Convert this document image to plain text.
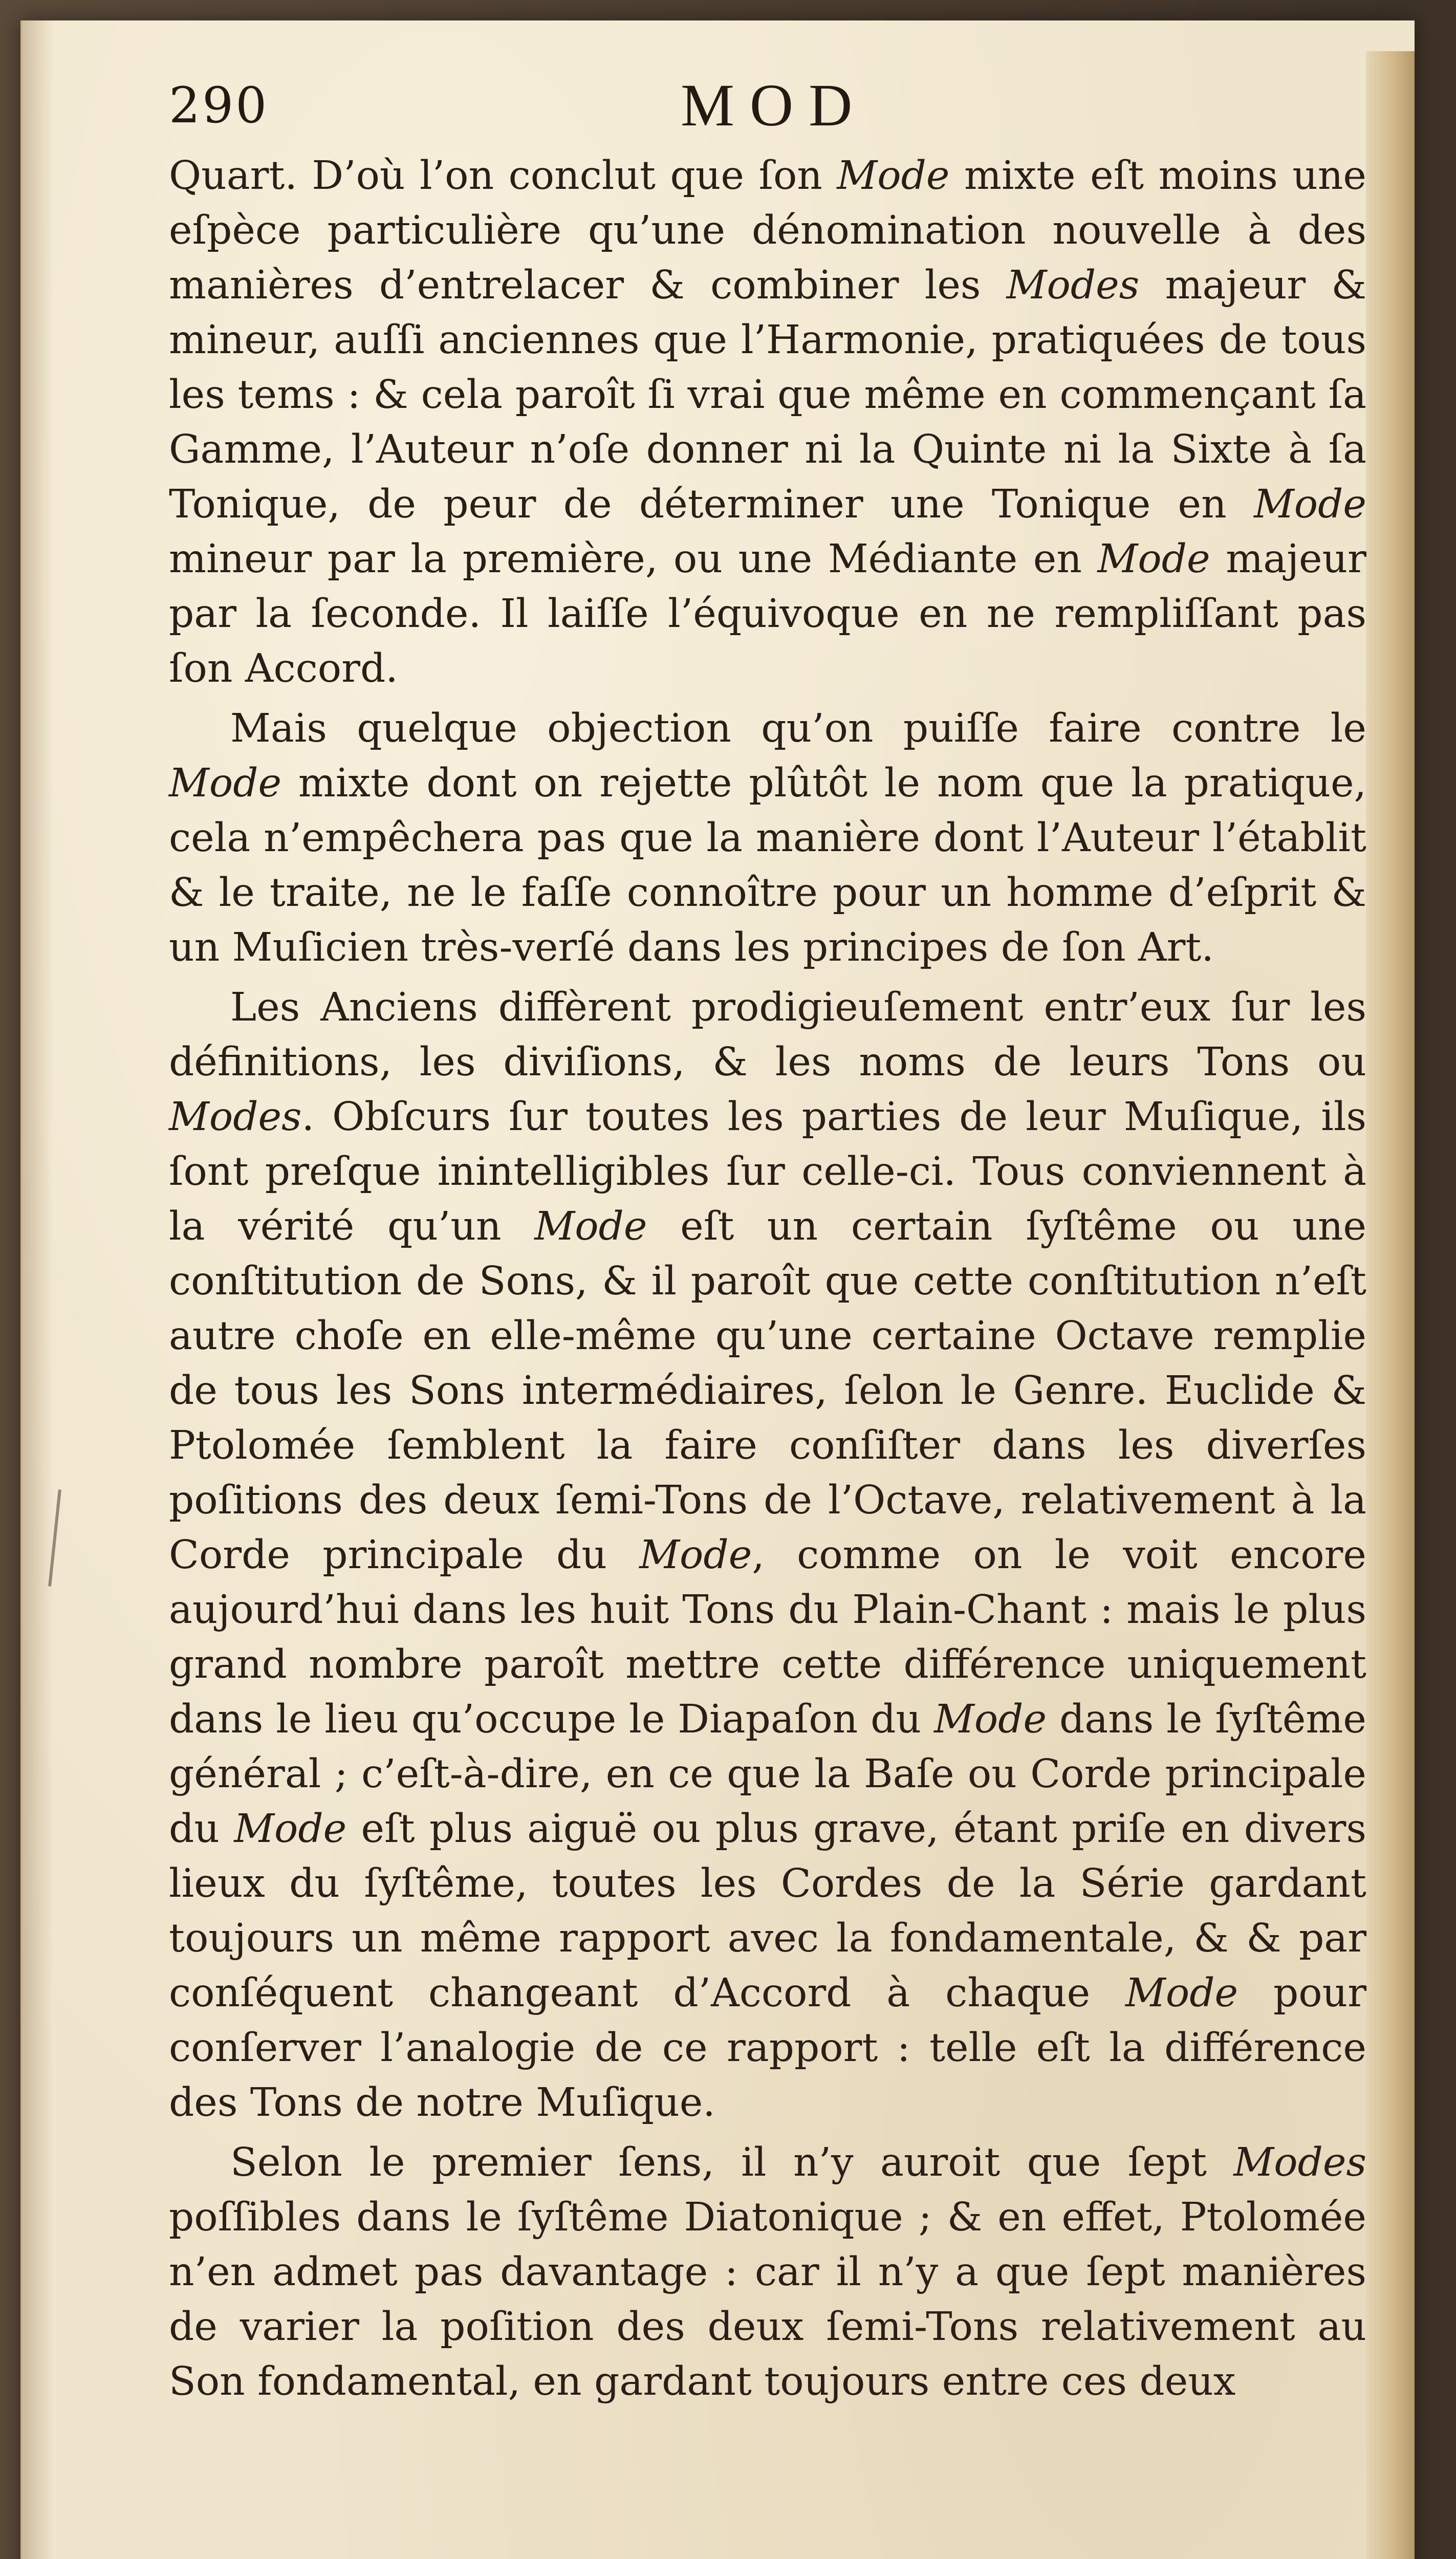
290	MOD

Quart. D’où l’on conclut que ſon Mode mixte eſt moins une eſpèce particulière qu’une dénomination nouvelle à des manières d’entrelacer & combiner les Modes majeur & mineur, auſſi anciennes que l’Harmonie, pratiquées de tous les tems : & cela paroît ſi vrai que même en commençant ſa Gamme, l’Auteur n’oſe donner ni la Quinte ni la Sixte à ſa Tonique, de peur de déterminer une Tonique en Mode mineur par la première, ou une Médiante en Mode majeur par la ſeconde. Il laiſſe l’équivoque en ne rempliſſant pas ſon Accord.

Mais quelque objection qu’on puiſſe faire contre le Mode mixte dont on rejette plûtôt le nom que la pratique, cela n’empêchera pas que la manière dont l’Auteur l’établit & le traite, ne le faſſe connoître pour un homme d’eſprit & un Muſicien très-verſé dans les principes de ſon Art.

Les Anciens diffèrent prodigieuſement entr’eux ſur les définitions, les diviſions, & les noms de leurs Tons ou Modes. Obſcurs ſur toutes les parties de leur Muſique, ils ſont preſque inintelligibles ſur celle-ci. Tous conviennent à la vérité qu’un Mode eſt un certain ſyſtême ou une conſtitution de Sons, & il paroît que cette conſtitution n’eſt autre choſe en elle-même qu’une certaine Octave remplie de tous les Sons intermédiaires, ſelon le Genre. Euclide & Ptolomée ſemblent la faire conſiſter dans les diverſes poſitions des deux ſemi-Tons de l’Octave, relativement à la Corde principale du Mode, comme on le voit encore aujourd’hui dans les huit Tons du Plain-Chant : mais le plus grand nombre paroît mettre cette différence uniquement dans le lieu qu’occupe le Diapaſon du Mode dans le ſyſtême général ; c’eſt-à-dire, en ce que la Baſe ou Corde principale du Mode eſt plus aiguë ou plus grave, étant priſe en divers lieux du ſyſtême, toutes les Cordes de la Série gardant toujours un même rapport avec la fondamentale, & & par conſéquent changeant d’Accord à chaque Mode pour conſerver l’analogie de ce rapport : telle eſt la différence des Tons de notre Muſique.

Selon le premier ſens, il n’y auroit que ſept Modes poſſibles dans le ſyſtême Diatonique ; & en effet, Ptolomée n’en admet pas davantage : car il n’y a que ſept manières de varier la poſition des deux ſemi-Tons relativement au Son fondamental, en gardant toujours entre ces deux
